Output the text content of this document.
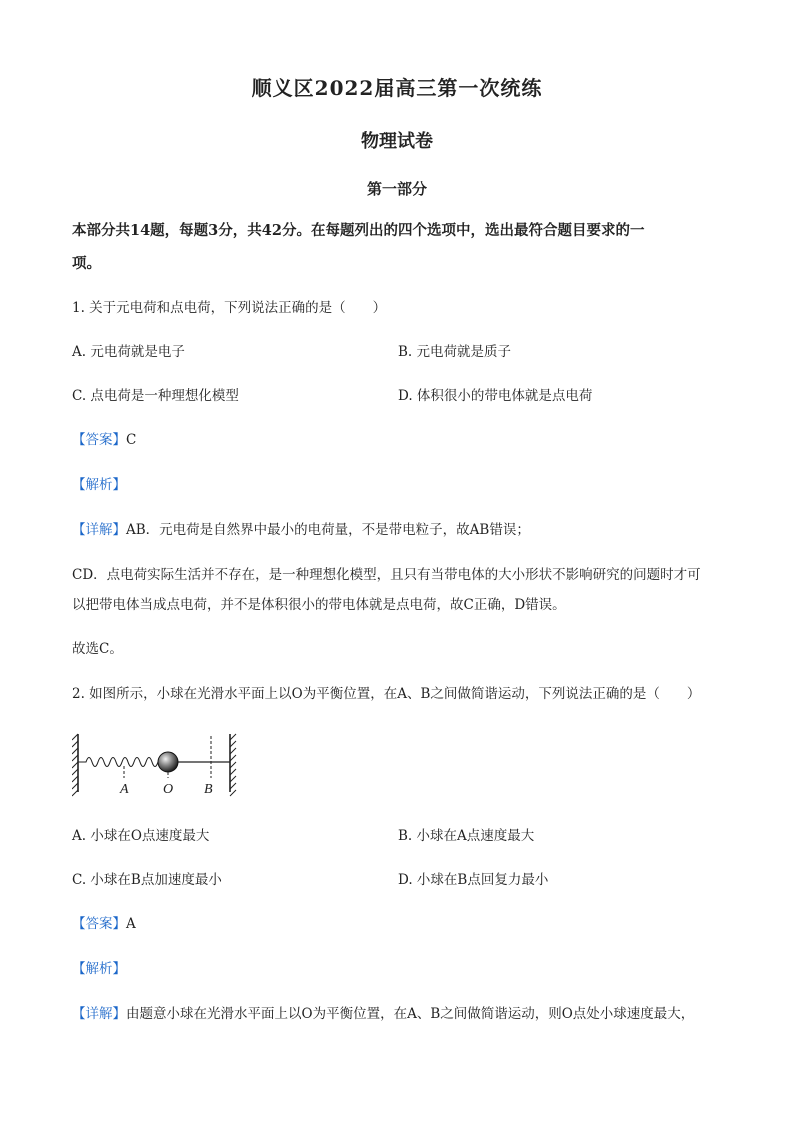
顺义区2022届高三第一次统练
物理试卷
第一部分
本部分共14题，每题3分，共42分。在每题列出的四个选项中，选出最符合题目要求的一
项。
1. 关于元电荷和点电荷，下列说法正确的是（　　）
A. 元电荷就是电子	B. 元电荷就是质子
C. 点电荷是一种理想化模型	D. 体积很小的带电体就是点电荷
【答案】C
【解析】
【详解】AB．元电荷是自然界中最小的电荷量，不是带电粒子，故AB错误；
CD．点电荷实际生活并不存在，是一种理想化模型，且只有当带电体的大小形状不影响研究的问题时才可
以把带电体当成点电荷，并不是体积很小的带电体就是点电荷，故C正确，D错误。
故选C。
2. 如图所示，小球在光滑水平面上以O为平衡位置，在A、B之间做简谐运动，下列说法正确的是（　　）
A O B
A. 小球在O点速度最大	B. 小球在A点速度最大
C. 小球在B点加速度最小	D. 小球在B点回复力最小
【答案】A
【解析】
【详解】由题意小球在光滑水平面上以O为平衡位置，在A、B之间做简谐运动，则O点处小球速度最大，
